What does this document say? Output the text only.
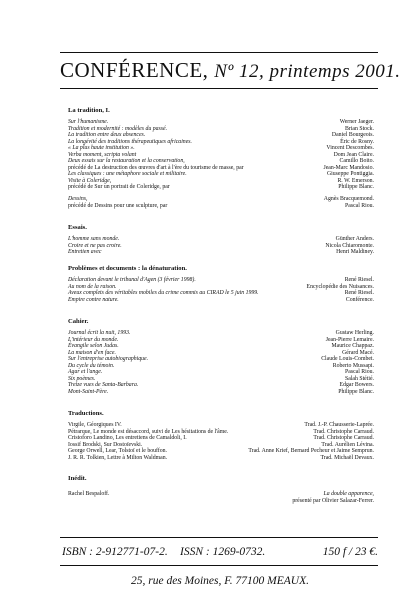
CONFÉRENCE, Nº 12, printemps 2001.
La tradition, I.
Sur l'humanisme.	Werner Jaeger.
Tradition et modernité : modèles du passé.	Brian Stock.
La tradition entre deux absences.	Daniel Bourgeois.
La longévité des traditions thérapeutiques africaines.	Éric de Rosny.
« La plus haute institution ».	Vincent Descombes.
Verba moment, scripta volant	Dom Jean Claire.
Deux essais sur la restauration et la conservation,	Camillo Boito.
précédé de La destruction des œuvres d'art à l'ère du tourisme de masse, par	Jean-Marc Mandosio.
Les classiques : une métaphore sociale et militaire.	Giuseppe Pontiggia.
Visite à Coleridge,	R. W. Emerson.
précédé de Sur un portrait de Coleridge, par	Philippe Blanc.
Dessins,	Agnès Bracquemond.
précédé de Dessins pour une sculpture, par	Pascal Riou.
Essais.
L'homme sans monde.	Günther Anders.
Croire et ne pas croire.	Nicola Chiaromonte.
Entretien avec	Henri Maldiney.
Problèmes et documents : la dénaturation.
Déclaration devant le tribunal d'Agen (3 février 1998).	René Riesel.
Au nom de la raison.	Encyclopédie des Nuisances.
Aveux complets des véritables mobiles du crime commis au CIRAD le 5 juin 1999.	René Riesel.
Empire contre nature.	Conférence.
Cahier.
Journal écrit la nuit, 1993.	Gustaw Herling.
L'intérieur du monde.	Jean-Pierre Lemaire.
Évangile selon Judas.	Maurice Chappaz.
La maison d'en face.	Gérard Macé.
Sur l'entreprise autobiographique.	Claude Louis-Combet.
Du cycle du témoin.	Roberto Mussapi.
Agar et l'ange.	Pascal Riou.
Six poèmes.	Salah Stétié.
Treize vues de Santa-Barbara.	Edgar Bowers.
Mont-Saint-Père.	Philippe Blanc.
Traductions.
Virgile, Géorgiques IV.	Trad. J.-P. Chausserie-Laprée.
Pétrarque, Le monde est désaccord, suivi de Les hésitations de l'âme.	Trad. Christophe Carraud.
Cristoforo Landino, Les entretiens de Camaldoli, I.	Trad. Christophe Carraud.
Iossif Brodski, Sur Dostoïevski.	Trad. Aurélien Lévina.
George Orwell, Lear, Tolstoï et le bouffon.	Trad. Anne Krief, Bernard Pecheur et Jaime Semprun.
J. R. R. Tolkien, Lettre à Milton Waldman.	Trad. Michaël Devaux.
Inédit.
Rachel Bespaloff.	La double apparence,
présenté par Olivier Salazar-Ferrer.
ISBN : 2-912771-07-2. ISSN : 1269-0732.	150 f / 23 €.
25, rue des Moines, F. 77100 MEAUX.
